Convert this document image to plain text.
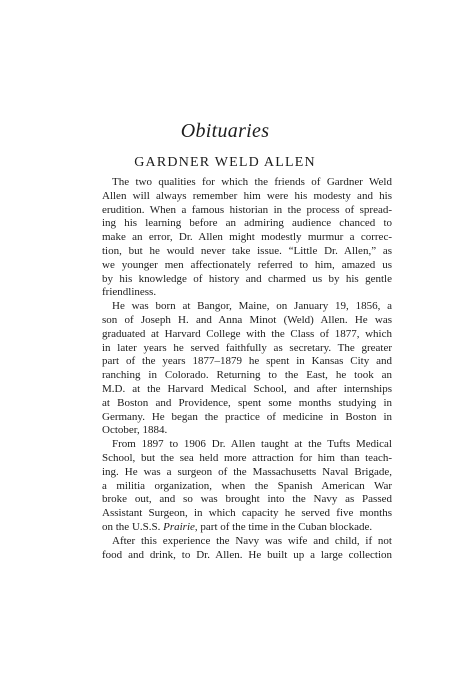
Obituaries
GARDNER WELD ALLEN
The two qualities for which the friends of Gardner Weld
Allen will always remember him were his modesty and his
erudition. When a famous historian in the process of spread-
ing his learning before an admiring audience chanced to
make an error, Dr. Allen might modestly murmur a correc-
tion, but he would never take issue. “Little Dr. Allen,” as
we younger men affectionately referred to him, amazed us
by his knowledge of history and charmed us by his gentle
friendliness.
He was born at Bangor, Maine, on January 19, 1856, a
son of Joseph H. and Anna Minot (Weld) Allen. He was
graduated at Harvard College with the Class of 1877, which
in later years he served faithfully as secretary. The greater
part of the years 1877–1879 he spent in Kansas City and
ranching in Colorado. Returning to the East, he took an
M.D. at the Harvard Medical School, and after internships
at Boston and Providence, spent some months studying in
Germany. He began the practice of medicine in Boston in
October, 1884.
From 1897 to 1906 Dr. Allen taught at the Tufts Medical
School, but the sea held more attraction for him than teach-
ing. He was a surgeon of the Massachusetts Naval Brigade,
a militia organization, when the Spanish American War
broke out, and so was brought into the Navy as Passed
Assistant Surgeon, in which capacity he served five months
on the U.S.S. Prairie, part of the time in the Cuban blockade.
After this experience the Navy was wife and child, if not
food and drink, to Dr. Allen. He built up a large collection
